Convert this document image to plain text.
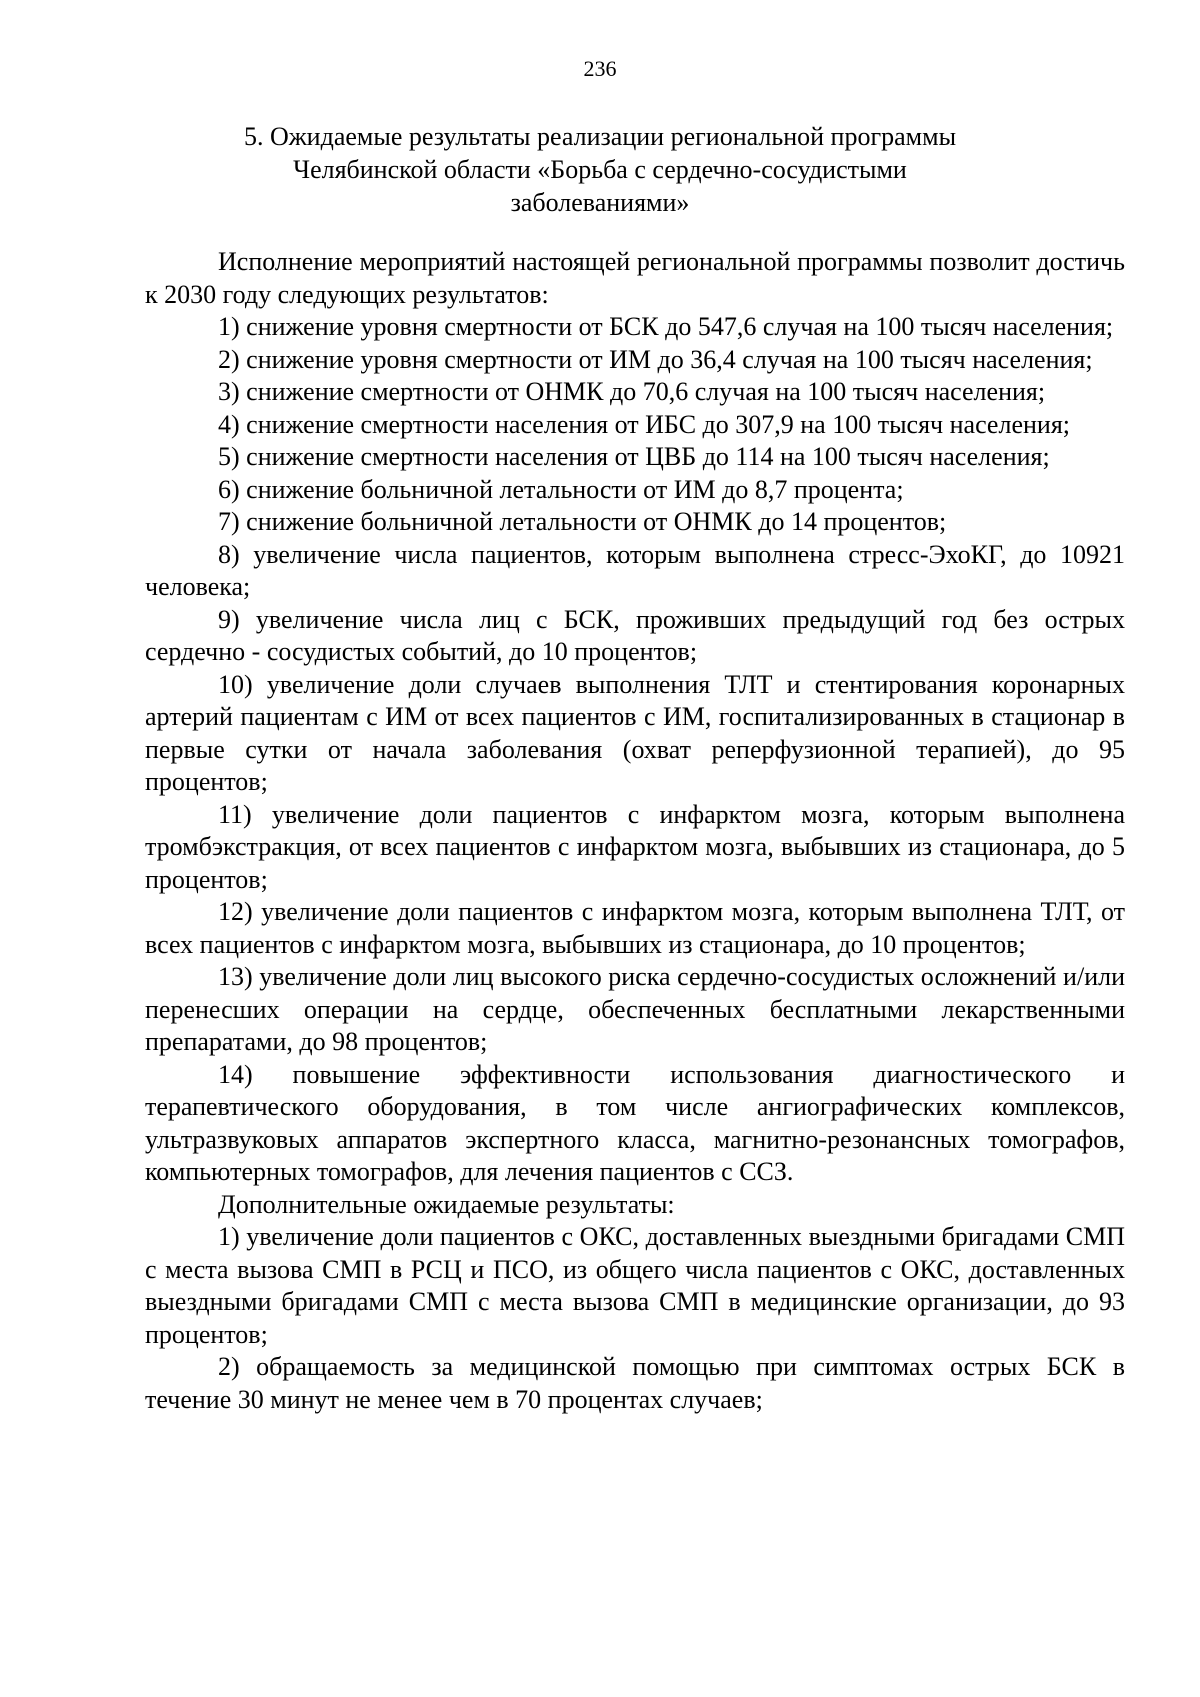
236
5. Ожидаемые результаты реализации региональной программы
Челябинской области «Борьба с сердечно-сосудистыми
заболеваниями»

Исполнение мероприятий настоящей региональной программы позволит достичь к 2030 году следующих результатов:

1) снижение уровня смертности от БСК до 547,6 случая на 100 тысяч населения;

2) снижение уровня смертности от ИМ до 36,4 случая на 100 тысяч населения;

3) снижение смертности от ОНМК до 70,6 случая на 100 тысяч населения;

4) снижение смертности населения от ИБС до 307,9 на 100 тысяч населения;

5) снижение смертности населения от ЦВБ до 114 на 100 тысяч населения;

6) снижение больничной летальности от ИМ до 8,7 процента;

7) снижение больничной летальности от ОНМК до 14 процентов;

8) увеличение числа пациентов, которым выполнена стресс-ЭхоКГ, до 10921 человека;

9) увеличение числа лиц с БСК, проживших предыдущий год без острых сердечно - сосудистых событий, до 10 процентов;

10) увеличение доли случаев выполнения ТЛТ и стентирования коронарных артерий пациентам с ИМ от всех пациентов с ИМ, госпитализированных в стационар в первые сутки от начала заболевания (охват реперфузионной терапией), до 95 процентов;

11) увеличение доли пациентов с инфарктом мозга, которым выполнена тромбэкстракция, от всех пациентов с инфарктом мозга, выбывших из стационара, до 5 процентов;

12) увеличение доли пациентов с инфарктом мозга, которым выполнена ТЛТ, от всех пациентов с инфарктом мозга, выбывших из стационара, до 10 процентов;

13) увеличение доли лиц высокого риска сердечно-сосудистых осложнений и/или перенесших операции на сердце, обеспеченных бесплатными лекарственными препаратами, до 98 процентов;

14) повышение эффективности использования диагностического и терапевтического оборудования, в том числе ангиографических комплексов, ультразвуковых аппаратов экспертного класса, магнитно-резонансных томографов, компьютерных томографов, для лечения пациентов с ССЗ.

Дополнительные ожидаемые результаты:

1) увеличение доли пациентов с ОКС, доставленных выездными бригадами СМП с места вызова СМП в РСЦ и ПСО, из общего числа пациентов с ОКС, доставленных выездными бригадами СМП с места вызова СМП в медицинские организации, до 93 процентов;

2) обращаемость за медицинской помощью при симптомах острых БСК в течение 30 минут не менее чем в 70 процентах случаев;
